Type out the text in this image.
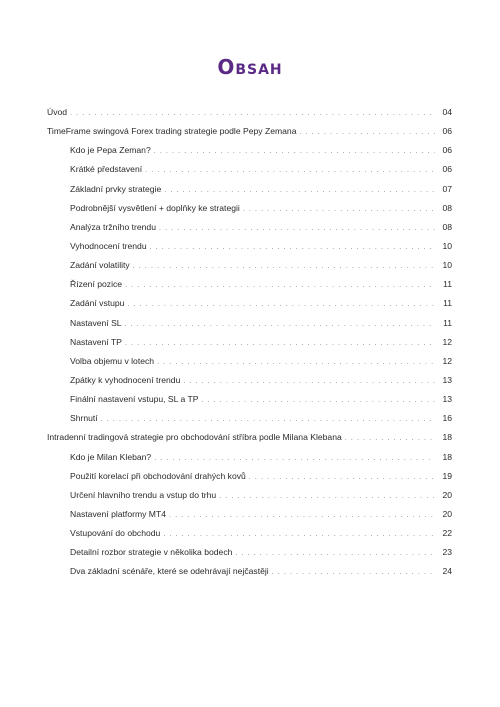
Obsah
Úvod . . .	04
TimeFrame swingová Forex trading strategie podle Pepy Zemana . . .	06
Kdo je Pepa Zeman? . . .	06
Krátké představení . . .	06
Základní prvky strategie . . .	07
Podrobnější vysvětlení + doplňky ke strategii . . .	08
Analýza tržního trendu . . .	08
Vyhodnocení trendu . . .	10
Zadání volatility . . .	10
Řízení pozice . . .	11
Zadání vstupu . . .	11
Nastavení SL . . .	11
Nastavení TP . . .	12
Volba objemu v lotech . . .	12
Zpátky k vyhodnocení trendu . . .	13
Finální nastavení vstupu, SL a TP . . .	13
Shrnutí . . .	16
Intradenní tradingová strategie pro obchodování stříbra podle Milana Klebana . . .	18
Kdo je Milan Kleban? . . .	18
Použití korelací při obchodování drahých kovů . . .	19
Určení hlavního trendu a vstup do trhu . . .	20
Nastavení platformy MT4 . . .	20
Vstupování do obchodu . . .	22
Detailní rozbor strategie v několika bodech . . .	23
Dva základní scénáře, které se odehrávají nejčastěji . . .	24
